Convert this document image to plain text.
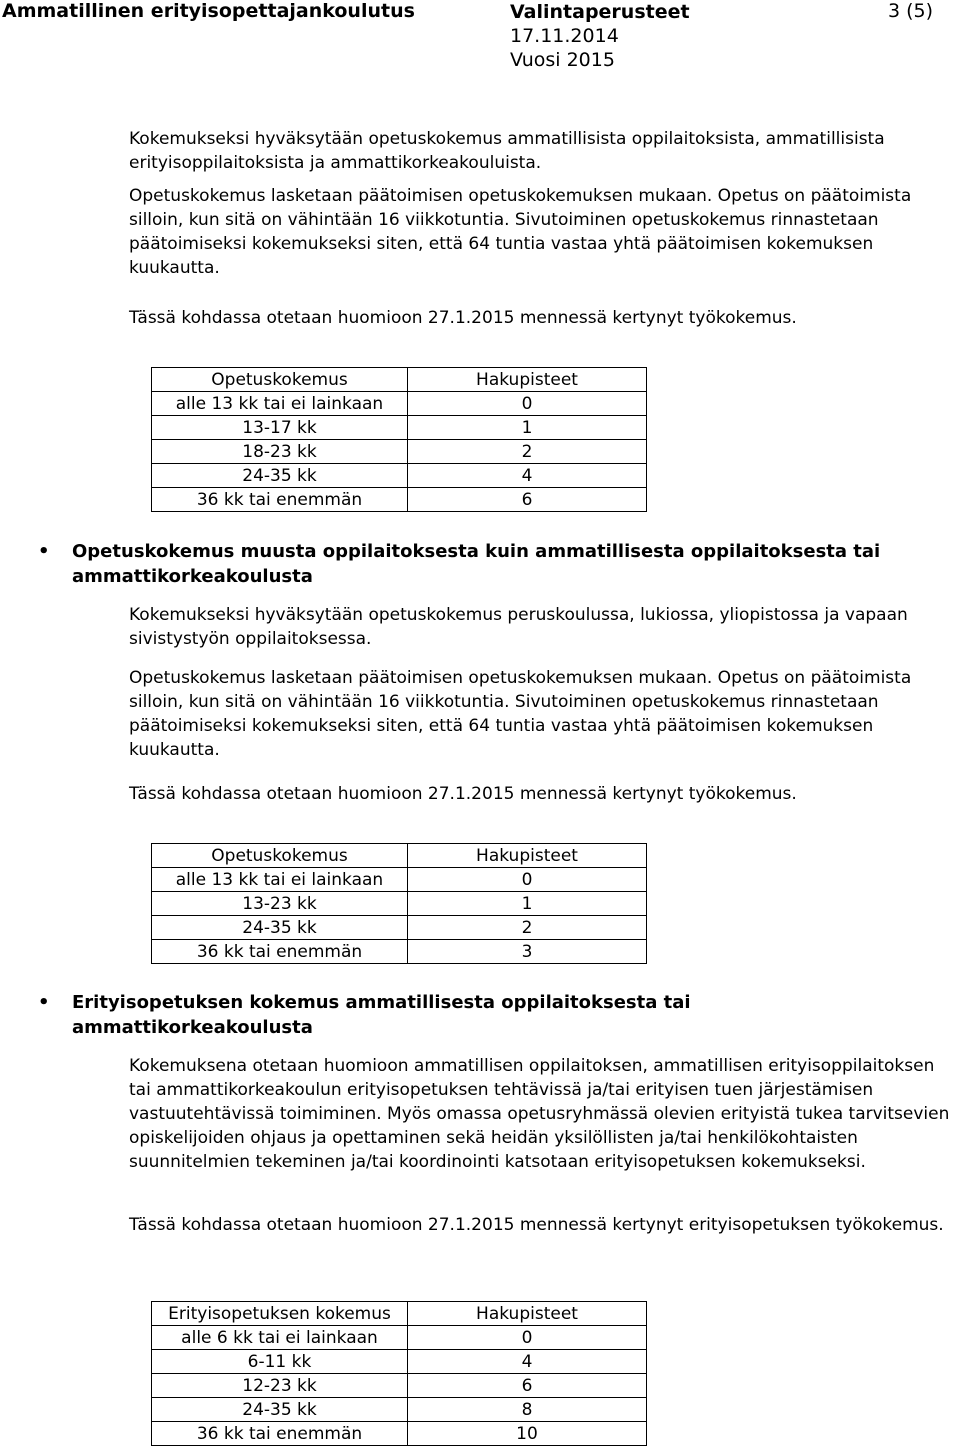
Ammatillinen erityisopettajankoulutus	Valintaperusteet
17.11.2014
Vuosi 2015
3 (5)

Kokemukseksi hyväksytään opetuskokemus ammatillisista oppilaitoksista, ammatillisista erityisoppilaitoksista ja ammattikorkeakouluista.

Opetuskokemus lasketaan päätoimisen opetuskokemuksen mukaan. Opetus on päätoimista silloin, kun sitä on vähintään 16 viikkotuntia. Sivutoiminen opetuskokemus rinnastetaan päätoimiseksi kokemukseksi siten, että 64 tuntia vastaa yhtä päätoimisen kokemuksen kuukautta.

Tässä kohdassa otetaan huomioon 27.1.2015 mennessä kertynyt työkokemus.

Opetuskokemus	Hakupisteet
alle 13 kk tai ei lainkaan	0
13-17 kk	1
18-23 kk	2
24-35 kk	4
36 kk tai enemmän	6
• Opetuskokemus muusta oppilaitoksesta kuin ammatillisesta oppilaitoksesta tai ammattikorkeakoulusta

Kokemukseksi hyväksytään opetuskokemus peruskoulussa, lukiossa, yliopistossa ja vapaan sivistystyön oppilaitoksessa.

Opetuskokemus lasketaan päätoimisen opetuskokemuksen mukaan. Opetus on päätoimista silloin, kun sitä on vähintään 16 viikkotuntia. Sivutoiminen opetuskokemus rinnastetaan päätoimiseksi kokemukseksi siten, että 64 tuntia vastaa yhtä päätoimisen kokemuksen kuukautta.

Tässä kohdassa otetaan huomioon 27.1.2015 mennessä kertynyt työkokemus.

Opetuskokemus	Hakupisteet
alle 13 kk tai ei lainkaan	0
13-23 kk	1
24-35 kk	2
36 kk tai enemmän	3
• Erityisopetuksen kokemus ammatillisesta oppilaitoksesta tai ammattikorkeakoulusta

Kokemuksena otetaan huomioon ammatillisen oppilaitoksen, ammatillisen erityisoppilaitoksen tai ammattikorkeakoulun erityisopetuksen tehtävissä ja/tai erityisen tuen järjestämisen vastuutehtävissä toimiminen. Myös omassa opetusryhmässä olevien erityistä tukea tarvitsevien opiskelijoiden ohjaus ja opettaminen sekä heidän yksilöllisten ja/tai henkilökohtaisten suunnitelmien tekeminen ja/tai koordinointi katsotaan erityisopetuksen kokemukseksi.

Tässä kohdassa otetaan huomioon 27.1.2015 mennessä kertynyt erityisopetuksen työkokemus.

Erityisopetuksen kokemus	Hakupisteet
alle 6 kk tai ei lainkaan	0
6-11 kk	4
12-23 kk	6
24-35 kk	8
36 kk tai enemmän	10
